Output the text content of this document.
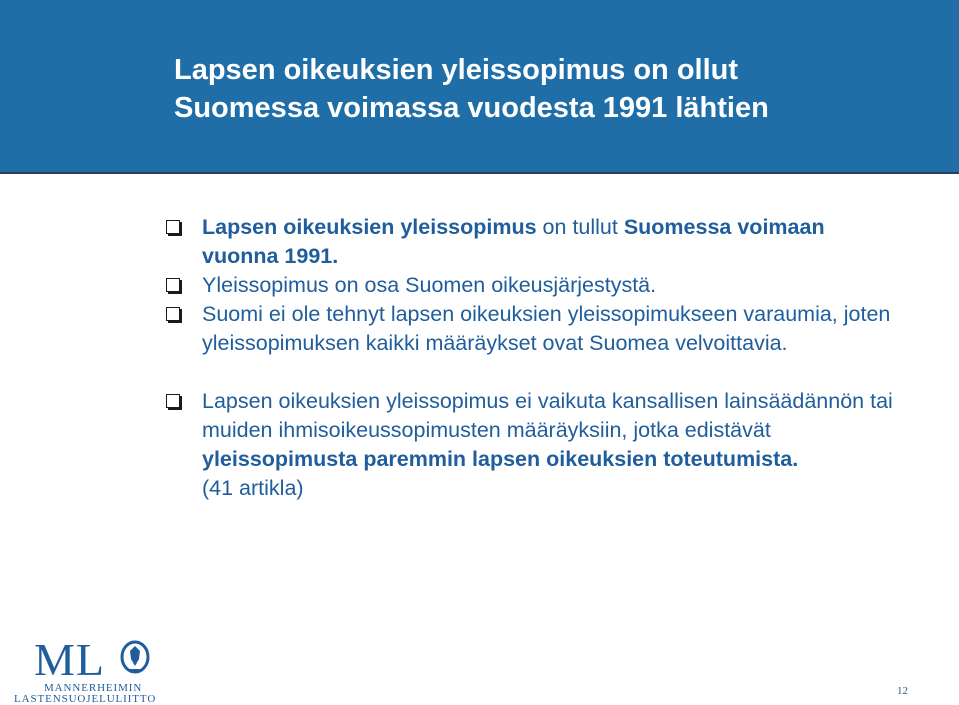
Lapsen oikeuksien yleissopimus on ollut
Suomessa voimassa vuodesta 1991 lähtien
Lapsen oikeuksien yleissopimus on tullut Suomessa voimaan vuonna 1991.
Yleissopimus on osa Suomen oikeusjärjestystä.
Suomi ei ole tehnyt lapsen oikeuksien yleissopimukseen varaumia, joten yleissopimuksen kaikki määräykset ovat Suomea velvoittavia.
Lapsen oikeuksien yleissopimus ei vaikuta kansallisen lainsäädännön tai muiden ihmisoikeussopimusten määräyksiin, jotka edistävät yleissopimusta paremmin lapsen oikeuksien toteutumista.
(41 artikla)
ML
MANNERHEIMIN
LASTENSUOJELULIITTO
12
